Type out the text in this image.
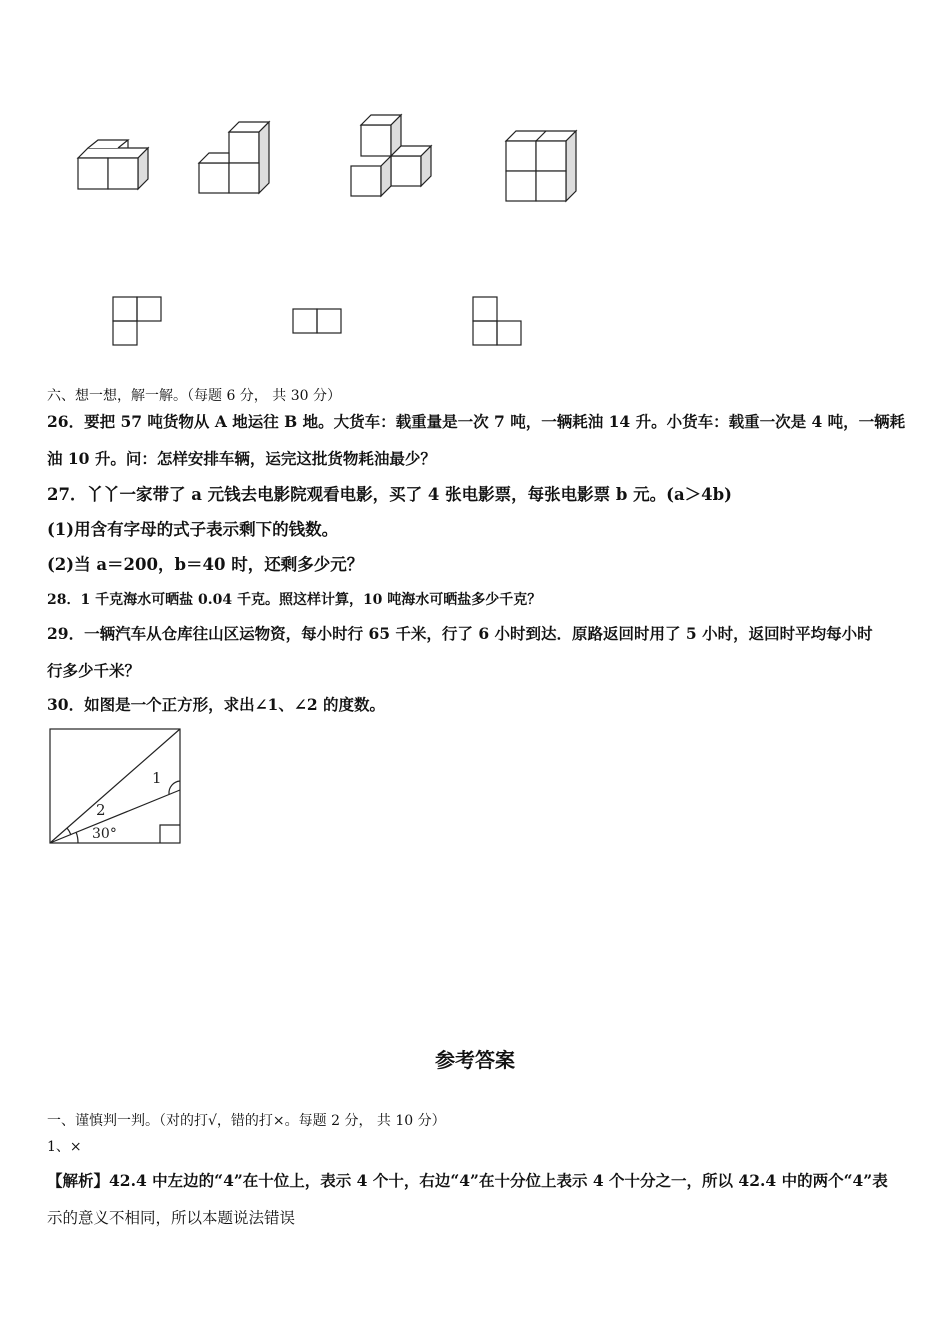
六、想一想，解一解。（每题 6 分， 共 30 分）
26．要把 57 吨货物从 A 地运往 B 地。大货车：载重量是一次 7 吨，一辆耗油 14 升。小货车：载重一次是 4 吨，一辆耗
油 10 升。问：怎样安排车辆，运完这批货物耗油最少？
27．丫丫一家带了 a 元钱去电影院观看电影，买了 4 张电影票，每张电影票 b 元。(a＞4b)
(1)用含有字母的式子表示剩下的钱数。
(2)当 a＝200，b＝40 时，还剩多少元？
28．1 千克海水可晒盐 0.04 千克。照这样计算，10 吨海水可晒盐多少千克？
29．一辆汽车从仓库往山区运物资，每小时行 65 千米，行了 6 小时到达．原路返回时用了 5 小时，返回时平均每小时
行多少千米？
30．如图是一个正方形，求出∠1、∠2 的度数。
1
2
30°
参考答案
一、谨慎判一判。（对的打√，错的打×。每题 2 分， 共 10 分）
1、×
【解析】42.4 中左边的“4”在十位上，表示 4 个十，右边“4”在十分位上表示 4 个十分之一，所以 42.4 中的两个“4”表
示的意义不相同，所以本题说法错误
